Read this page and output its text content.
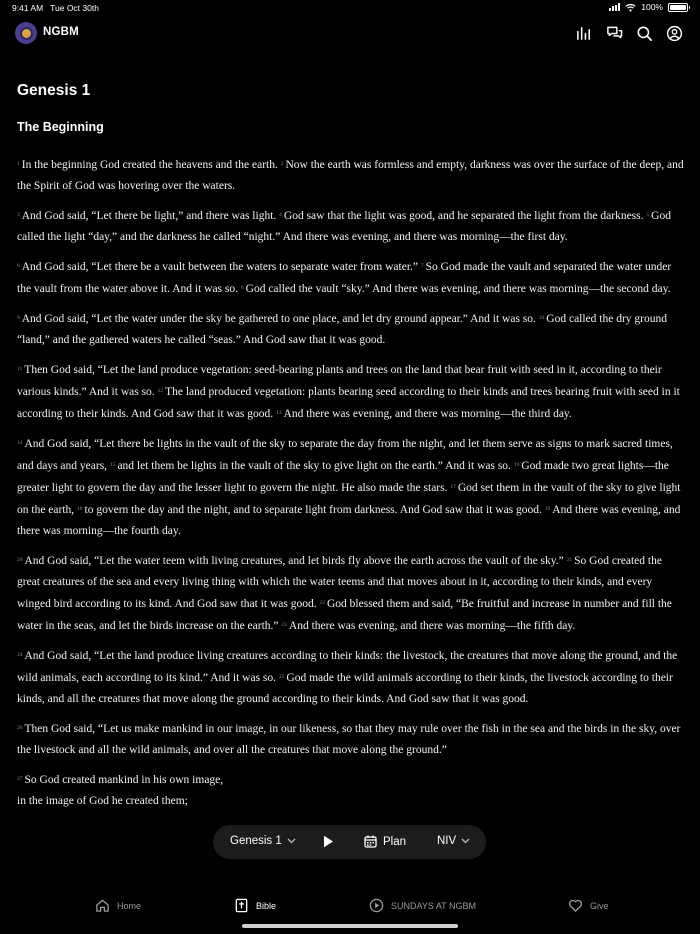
9:41 AM Tue Oct 30th	100%
NGBM
Genesis 1
The Beginning

$^1$ In the beginning God created the heavens and the earth. $^2$ Now the earth was formless and empty, darkness was over the surface of the deep, and the Spirit of God was hovering over the waters.

$^3$ And God said, “Let there be light,” and there was light. $^4$ God saw that the light was good, and he separated the light from the darkness. $^5$ God called the light “day,” and the darkness he called “night.” And there was evening, and there was morning—the first day.

$^6$ And God said, “Let there be a vault between the waters to separate water from water.” $^7$ So God made the vault and separated the water under the vault from the water above it. And it was so. $^8$ God called the vault “sky.” And there was evening, and there was morning—the second day.

$^9$ And God said, “Let the water under the sky be gathered to one place, and let dry ground appear.” And it was so. $^{10}$ God called the dry ground “land,” and the gathered waters he called “seas.” And God saw that it was good.

$^{11}$ Then God said, “Let the land produce vegetation: seed-bearing plants and trees on the land that bear fruit with seed in it, according to their various kinds.” And it was so. $^{12}$ The land produced vegetation: plants bearing seed according to their kinds and trees bearing fruit with seed in it according to their kinds. And God saw that it was good. $^{13}$ And there was evening, and there was morning—the third day.

$^{14}$ And God said, “Let there be lights in the vault of the sky to separate the day from the night, and let them serve as signs to mark sacred times, and days and years, $^{15}$ and let them be lights in the vault of the sky to give light on the earth.” And it was so. $^{16}$ God made two great lights—the greater light to govern the day and the lesser light to govern the night. He also made the stars. $^{17}$ God set them in the vault of the sky to give light on the earth, $^{18}$ to govern the day and the night, and to separate light from darkness. And God saw that it was good. $^{19}$ And there was evening, and there was morning—the fourth day.

$^{20}$ And God said, “Let the water teem with living creatures, and let birds fly above the earth across the vault of the sky.” $^{21}$ So God created the great creatures of the sea and every living thing with which the water teems and that moves about in it, according to their kinds, and every winged bird according to its kind. And God saw that it was good. $^{22}$ God blessed them and said, “Be fruitful and increase in number and fill the water in the seas, and let the birds increase on the earth.” $^{23}$ And there was evening, and there was morning—the fifth day.

$^{24}$ And God said, “Let the land produce living creatures according to their kinds: the livestock, the creatures that move along the ground, and the wild animals, each according to its kind.” And it was so. $^{25}$ God made the wild animals according to their kinds, the livestock according to their kinds, and all the creatures that move along the ground according to their kinds. And God saw that it was good.

$^{26}$ Then God said, “Let us make mankind in our image, in our likeness, so that they may rule over the fish in the sea and the birds in the sky, over the livestock and all the wild animals, and over all the creatures that move along the ground.”

$^{27}$ So God created mankind in his own image,
in the image of God he created them;
Genesis 1	Plan	NIV
Home	Bible	SUNDAYS AT NGBM	Give
